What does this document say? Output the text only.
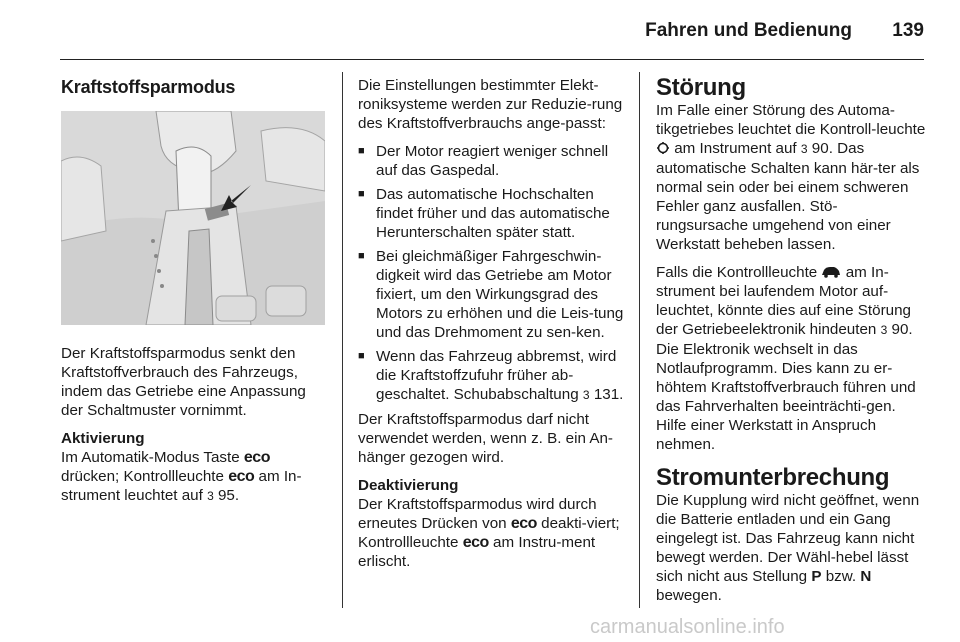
Fahren und Bedienung 139
Kraftstoffsparmodus

Der Kraftstoffsparmodus senkt den Kraftstoffverbrauch des Fahrzeugs, indem das Getriebe eine Anpassung der Schaltmuster vornimmt.

Aktivierung

Im Automatik-Modus Taste eco drücken; Kontrollleuchte eco am In-strument leuchtet auf 3 95.

Die Einstellungen bestimmter Elekt-roniksysteme werden zur Reduzie-rung des Kraftstoffverbrauchs ange-passt:

■ Der Motor reagiert weniger schnell auf das Gaspedal.
■ Das automatische Hochschalten findet früher und das automatische Herunterschalten später statt.
■ Bei gleichmäßiger Fahrgeschwin-digkeit wird das Getriebe am Motor fixiert, um den Wirkungsgrad des Motors zu erhöhen und die Leis-tung und das Drehmoment zu sen-ken.
■ Wenn das Fahrzeug abbremst, wird die Kraftstoffzufuhr früher ab-geschaltet. Schubabschaltung 3 131.

Der Kraftstoffsparmodus darf nicht verwendet werden, wenn z. B. ein An-hänger gezogen wird.

Deaktivierung

Der Kraftstoffsparmodus wird durch erneutes Drücken von eco deakti-viert; Kontrollleuchte eco am Instru-ment erlischt.

Störung

Im Falle einer Störung des Automa-tikgetriebes leuchtet die Kontroll-leuchte  am Instrument auf 3 90. Das automatische Schalten kann här-ter als normal sein oder bei einem schweren Fehler ganz ausfallen. Stö-rungsursache umgehend von einer Werkstatt beheben lassen.

Falls die Kontrollleuchte am In-strument bei laufendem Motor auf-leuchtet, könnte dies auf eine Störung der Getriebeelektronik hindeuten 3 90. Die Elektronik wechselt in das Notlaufprogramm. Dies kann zu er-höhtem Kraftstoffverbrauch führen und das Fahrverhalten beeinträchti-gen. Hilfe einer Werkstatt in Anspruch nehmen.

Stromunterbrechung

Die Kupplung wird nicht geöffnet, wenn die Batterie entladen und ein Gang eingelegt ist. Das Fahrzeug kann nicht bewegt werden. Der Wähl-hebel lässt sich nicht aus Stellung P bzw. N bewegen.

carmanualsonline.info
